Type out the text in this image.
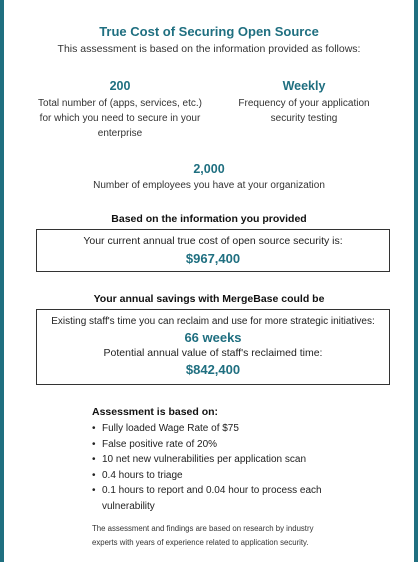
True Cost of Securing Open Source
This assessment is based on the information provided as follows:
200
Total number of (apps, services, etc.)
for which you need to secure in your
enterprise
Weekly
Frequency of your application
security testing
2,000
Number of employees you have at your organization
Based on the information you provided
Your current annual true cost of open source security is:
$967,400
Your annual savings with MergeBase could be
Existing staff's time you can reclaim and use for more strategic initiatives:
66 weeks
Potential annual value of staff's reclaimed time:
$842,400
Assessment is based on:
• Fully loaded Wage Rate of $75
• False positive rate of 20%
• 10 net new vulnerabilities per application scan
• 0.4 hours to triage
• 0.1 hours to report and 0.04 hour to process each
vulnerability
The assessment and findings are based on research by industry
experts with years of experience related to application security.
